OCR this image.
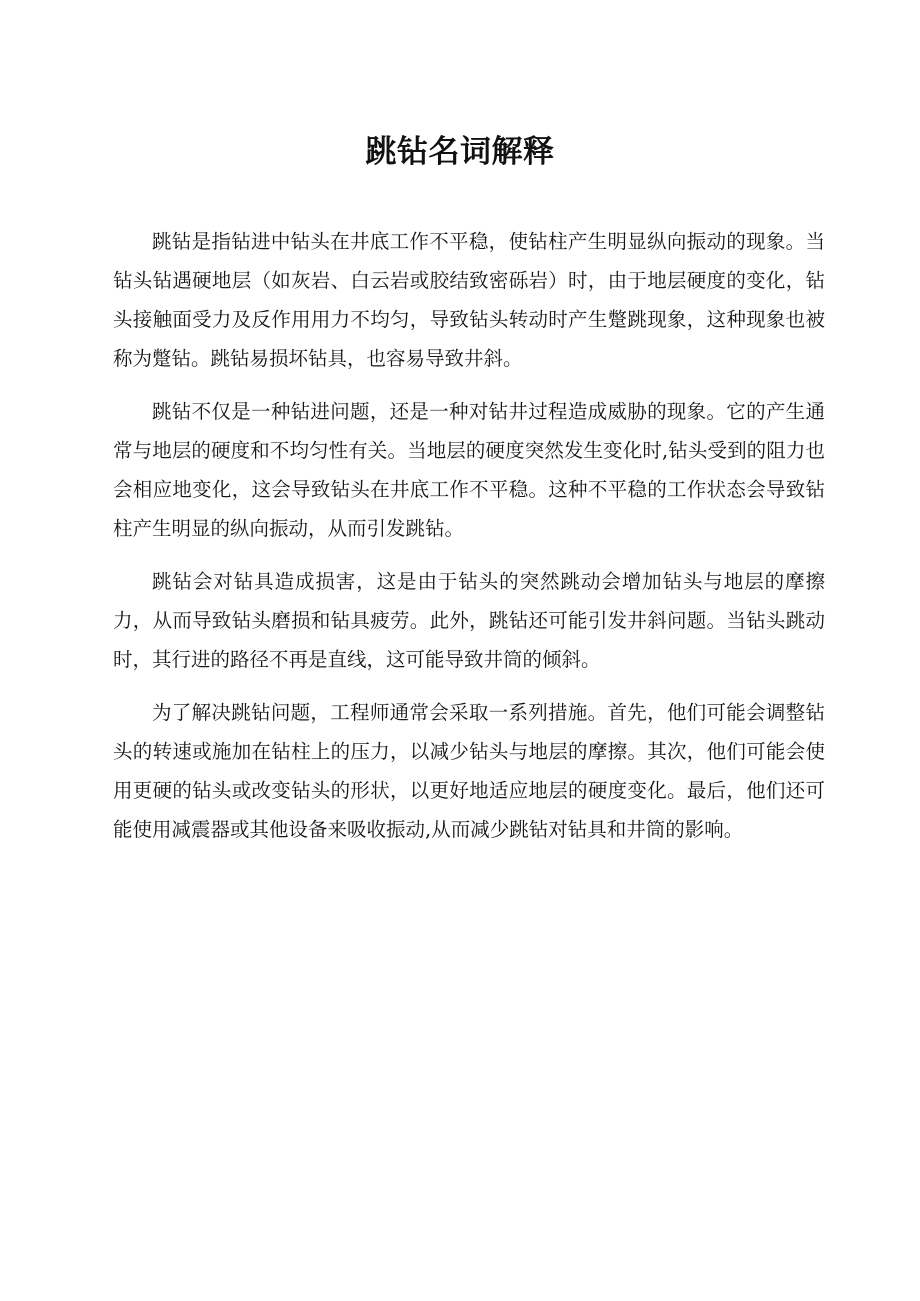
跳钻名词解释

跳钻是指钻进中钻头在井底工作不平稳，使钻柱产生明显纵向振动的现象。当钻头钻遇硬地层（如灰岩、白云岩或胶结致密砾岩）时，由于地层硬度的变化，钻头接触面受力及反作用用力不均匀，导致钻头转动时产生蹩跳现象，这种现象也被称为蹩钻。跳钻易损坏钻具，也容易导致井斜。

跳钻不仅是一种钻进问题，还是一种对钻井过程造成威胁的现象。它的产生通常与地层的硬度和不均匀性有关。当地层的硬度突然发生变化时,钻头受到的阻力也会相应地变化，这会导致钻头在井底工作不平稳。这种不平稳的工作状态会导致钻柱产生明显的纵向振动，从而引发跳钻。

跳钻会对钻具造成损害，这是由于钻头的突然跳动会增加钻头与地层的摩擦力，从而导致钻头磨损和钻具疲劳。此外，跳钻还可能引发井斜问题。当钻头跳动时，其行进的路径不再是直线，这可能导致井筒的倾斜。

为了解决跳钻问题，工程师通常会采取一系列措施。首先，他们可能会调整钻头的转速或施加在钻柱上的压力，以减少钻头与地层的摩擦。其次，他们可能会使用更硬的钻头或改变钻头的形状，以更好地适应地层的硬度变化。最后，他们还可能使用减震器或其他设备来吸收振动,从而减少跳钻对钻具和井筒的影响。
